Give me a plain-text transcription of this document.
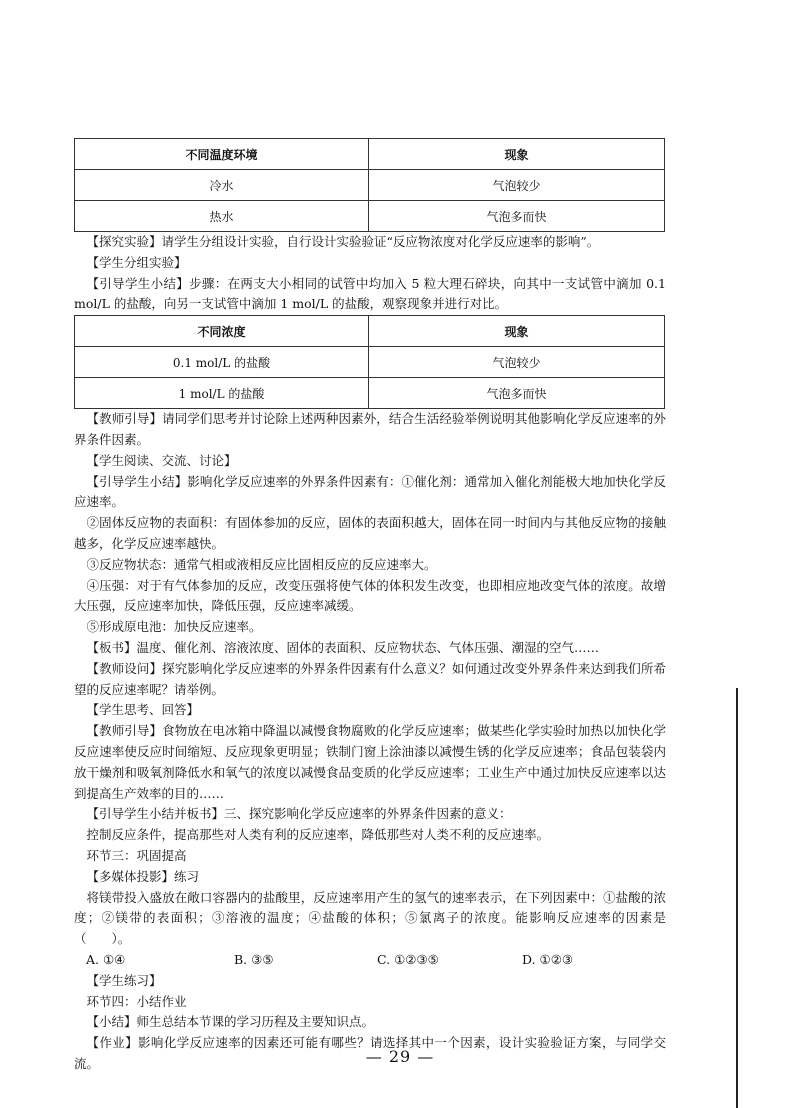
不同温度环境	现象
冷水	气泡较少
热水	气泡多而快

【探究实验】请学生分组设计实验，自行设计实验验证“反应物浓度对化学反应速率的影响”。

【学生分组实验】

【引导学生小结】步骤：在两支大小相同的试管中均加入 5 粒大理石碎块，向其中一支试管中滴加 0.1 mol/L 的盐酸，向另一支试管中滴加 1 mol/L 的盐酸，观察现象并进行对比。

不同浓度	现象
0.1 mol/L 的盐酸	气泡较少
1 mol/L 的盐酸	气泡多而快

【教师引导】请同学们思考并讨论除上述两种因素外，结合生活经验举例说明其他影响化学反应速率的外界条件因素。

【学生阅读、交流、讨论】

【引导学生小结】影响化学反应速率的外界条件因素有：①催化剂：通常加入催化剂能极大地加快化学反应速率。

②固体反应物的表面积：有固体参加的反应，固体的表面积越大，固体在同一时间内与其他反应物的接触越多，化学反应速率越快。

③反应物状态：通常气相或液相反应比固相反应的反应速率大。

④压强：对于有气体参加的反应，改变压强将使气体的体积发生改变，也即相应地改变气体的浓度。故增大压强，反应速率加快，降低压强，反应速率减缓。

⑤形成原电池：加快反应速率。

【板书】温度、催化剂、溶液浓度、固体的表面积、反应物状态、气体压强、潮湿的空气……

【教师设问】探究影响化学反应速率的外界条件因素有什么意义？如何通过改变外界条件来达到我们所希望的反应速率呢？请举例。

【学生思考、回答】

【教师引导】食物放在电冰箱中降温以减慢食物腐败的化学反应速率；做某些化学实验时加热以加快化学反应速率使反应时间缩短、反应现象更明显；铁制门窗上涂油漆以减慢生锈的化学反应速率；食品包装袋内放干燥剂和吸氧剂降低水和氧气的浓度以减慢食品变质的化学反应速率；工业生产中通过加快反应速率以达到提高生产效率的目的……

【引导学生小结并板书】三、探究影响化学反应速率的外界条件因素的意义：

控制反应条件，提高那些对人类有利的反应速率，降低那些对人类不利的反应速率。

环节三：巩固提高

【多媒体投影】练习

将镁带投入盛放在敞口容器内的盐酸里，反应速率用产生的氢气的速率表示，在下列因素中：①盐酸的浓度；②镁带的表面积；③溶液的温度；④盐酸的体积；⑤氯离子的浓度。能影响反应速率的因素是（　　）。

A. ①④	B. ③⑤	C. ①②③⑤	D. ①②③

【学生练习】

环节四：小结作业

【小结】师生总结本节课的学习历程及主要知识点。

【作业】影响化学反应速率的因素还可能有哪些？请选择其中一个因素，设计实验验证方案，与同学交流。	— 29 —
